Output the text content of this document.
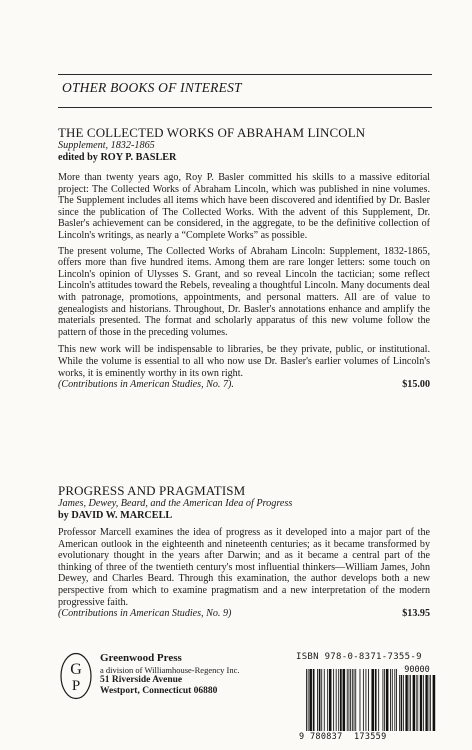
OTHER BOOKS OF INTEREST
THE COLLECTED WORKS OF ABRAHAM LINCOLN
Supplement, 1832-1865
edited by ROY P. BASLER

More than twenty years ago, Roy P. Basler committed his skills to a massive editorial project: The Collected Works of Abraham Lincoln, which was published in nine volumes. The Supplement includes all items which have been discovered and identified by Dr. Basler since the publication of The Collected Works. With the advent of this Supplement, Dr. Basler's achievement can be considered, in the aggregate, to be the definitive collection of Lincoln's writings, as nearly a “Complete Works” as possible.

The present volume, The Collected Works of Abraham Lincoln: Supplement, 1832-1865, offers more than five hundred items. Among them are rare longer letters: some touch on Lincoln's opinion of Ulysses S. Grant, and so reveal Lincoln the tactician; some reflect Lincoln's attitudes toward the Rebels, revealing a thoughtful Lincoln. Many documents deal with patronage, promotions, appointments, and personal matters. All are of value to genealogists and historians. Throughout, Dr. Basler's annotations enhance and amplify the materials presented. The format and scholarly apparatus of this new volume follow the pattern of those in the preceding volumes.

This new work will be indispensable to libraries, be they private, public, or institutional. While the volume is essential to all who now use Dr. Basler's earlier volumes of Lincoln's works, it is eminently worthy in its own right.

(Contributions in American Studies, No. 7).	$15.00
PROGRESS AND PRAGMATISM
James, Dewey, Beard, and the American Idea of Progress
by DAVID W. MARCELL

Professor Marcell examines the idea of progress as it developed into a major part of the American outlook in the eighteenth and nineteenth centuries; as it became transformed by evolutionary thought in the years after Darwin; and as it became a central part of the thinking of three of the twentieth century's most influential thinkers—William James, John Dewey, and Charles Beard. Through this examination, the author develops both a new perspective from which to examine pragmatism and a new interpretation of the modern progressive faith.

(Contributions in American Studies, No. 9)	$13.95
G
P
Greenwood Press
a division of Williamhouse-Regency Inc.
51 Riverside Avenue
Westport, Connecticut 06880
ISBN 978-0-8371-7355-9
90000
9 780837 173559
